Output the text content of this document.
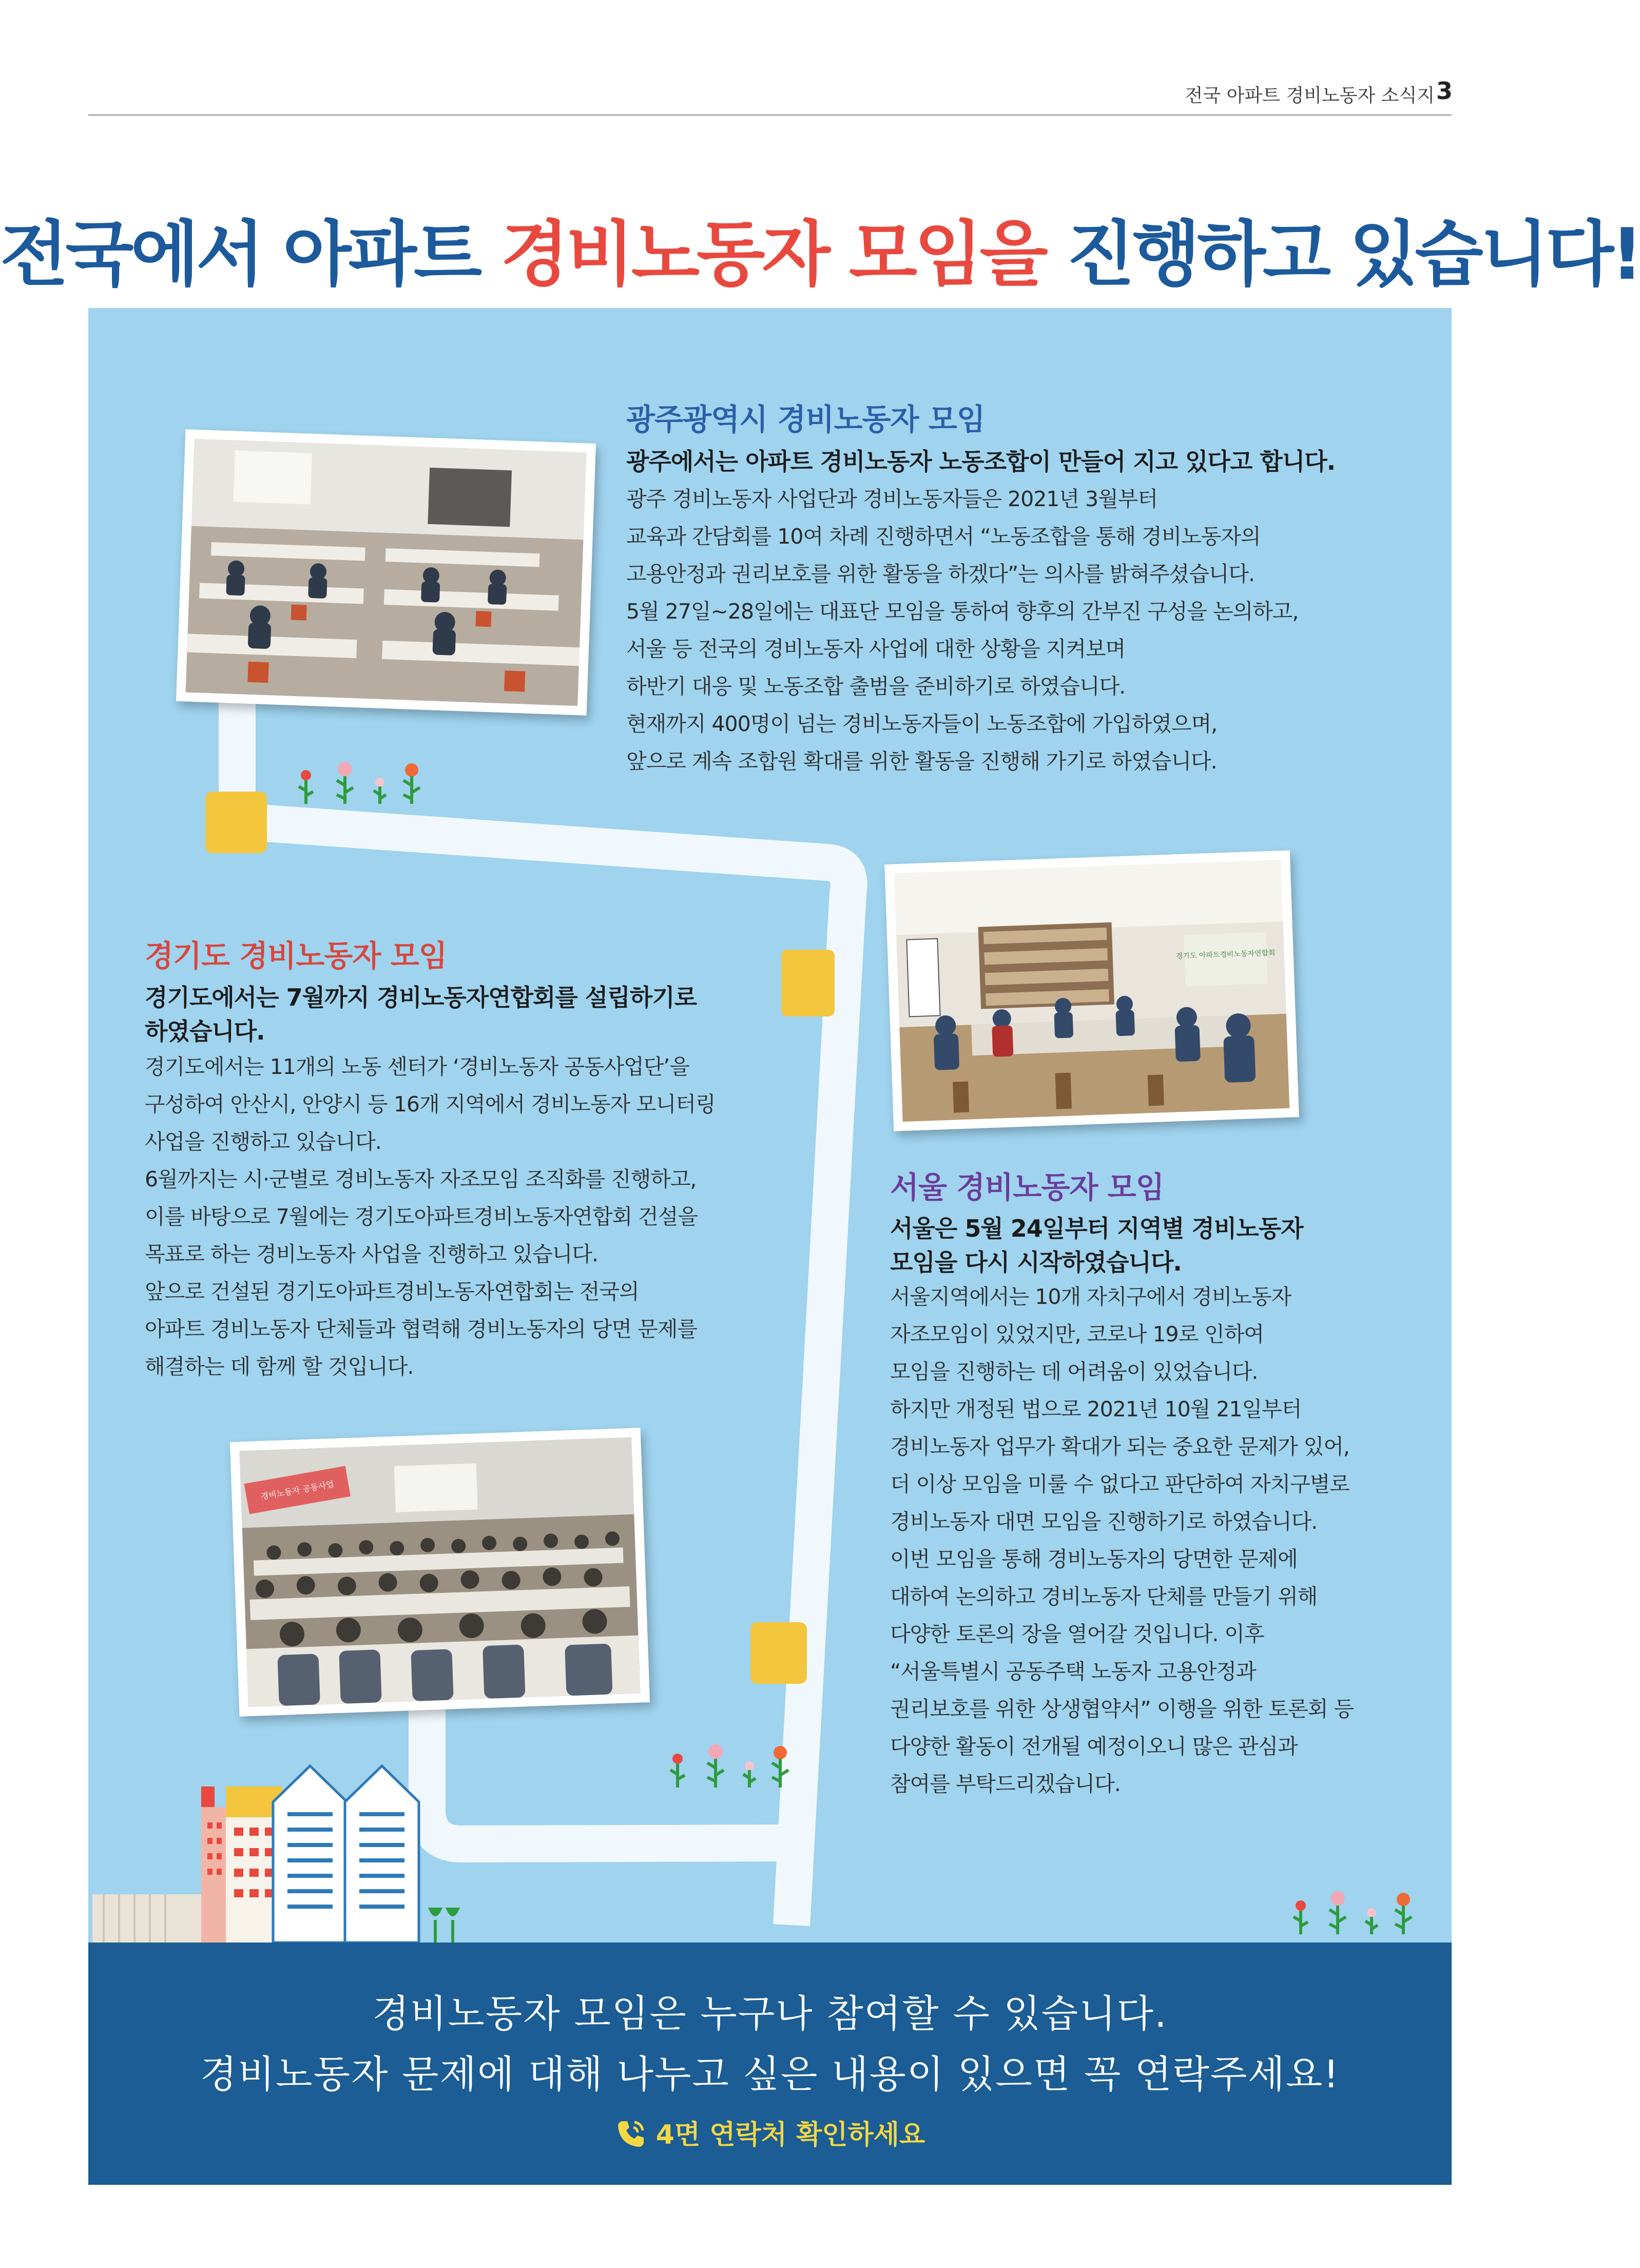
전국 아파트 경비노동자 소식지 3
전국에서 아파트 경비노동자 모임을 진행하고 있습니다!
광주광역시 경비노동자 모임
광주에서는 아파트 경비노동자 노동조합이 만들어 지고 있다고 합니다.
광주 경비노동자 사업단과 경비노동자들은 2021년 3월부터
교육과 간담회를 10여 차례 진행하면서 “노동조합을 통해 경비노동자의
고용안정과 권리보호를 위한 활동을 하겠다”는 의사를 밝혀주셨습니다.
5월 27일~28일에는 대표단 모임을 통하여 향후의 간부진 구성을 논의하고,
서울 등 전국의 경비노동자 사업에 대한 상황을 지켜보며
하반기 대응 및 노동조합 출범을 준비하기로 하였습니다.
현재까지 400명이 넘는 경비노동자들이 노동조합에 가입하였으며,
앞으로 계속 조합원 확대를 위한 활동을 진행해 가기로 하였습니다.
경기도 아파트경비노동자연합회
경기도 경비노동자 모임
경기도에서는 7월까지 경비노동자연합회를 설립하기로
하였습니다.
경기도에서는 11개의 노동 센터가 ‘경비노동자 공동사업단’을
구성하여 안산시, 안양시 등 16개 지역에서 경비노동자 모니터링
사업을 진행하고 있습니다.
6월까지는 시·군별로 경비노동자 자조모임 조직화를 진행하고,
이를 바탕으로 7월에는 경기도아파트경비노동자연합회 건설을
목표로 하는 경비노동자 사업을 진행하고 있습니다.
앞으로 건설된 경기도아파트경비노동자연합회는 전국의
아파트 경비노동자 단체들과 협력해 경비노동자의 당면 문제를
해결하는 데 함께 할 것입니다.
경비노동자 공동사업
서울 경비노동자 모임
서울은 5월 24일부터 지역별 경비노동자
모임을 다시 시작하였습니다.
서울지역에서는 10개 자치구에서 경비노동자
자조모임이 있었지만, 코로나 19로 인하여
모임을 진행하는 데 어려움이 있었습니다.
하지만 개정된 법으로 2021년 10월 21일부터
경비노동자 업무가 확대가 되는 중요한 문제가 있어,
더 이상 모임을 미룰 수 없다고 판단하여 자치구별로
경비노동자 대면 모임을 진행하기로 하였습니다.
이번 모임을 통해 경비노동자의 당면한 문제에
대하여 논의하고 경비노동자 단체를 만들기 위해
다양한 토론의 장을 열어갈 것입니다. 이후
“서울특별시 공동주택 노동자 고용안정과
권리보호를 위한 상생협약서” 이행을 위한 토론회 등
다양한 활동이 전개될 예정이오니 많은 관심과
참여를 부탁드리겠습니다.
경비노동자 모임은 누구나 참여할 수 있습니다.
경비노동자 문제에 대해 나누고 싶은 내용이 있으면 꼭 연락주세요!
4면 연락처 확인하세요
